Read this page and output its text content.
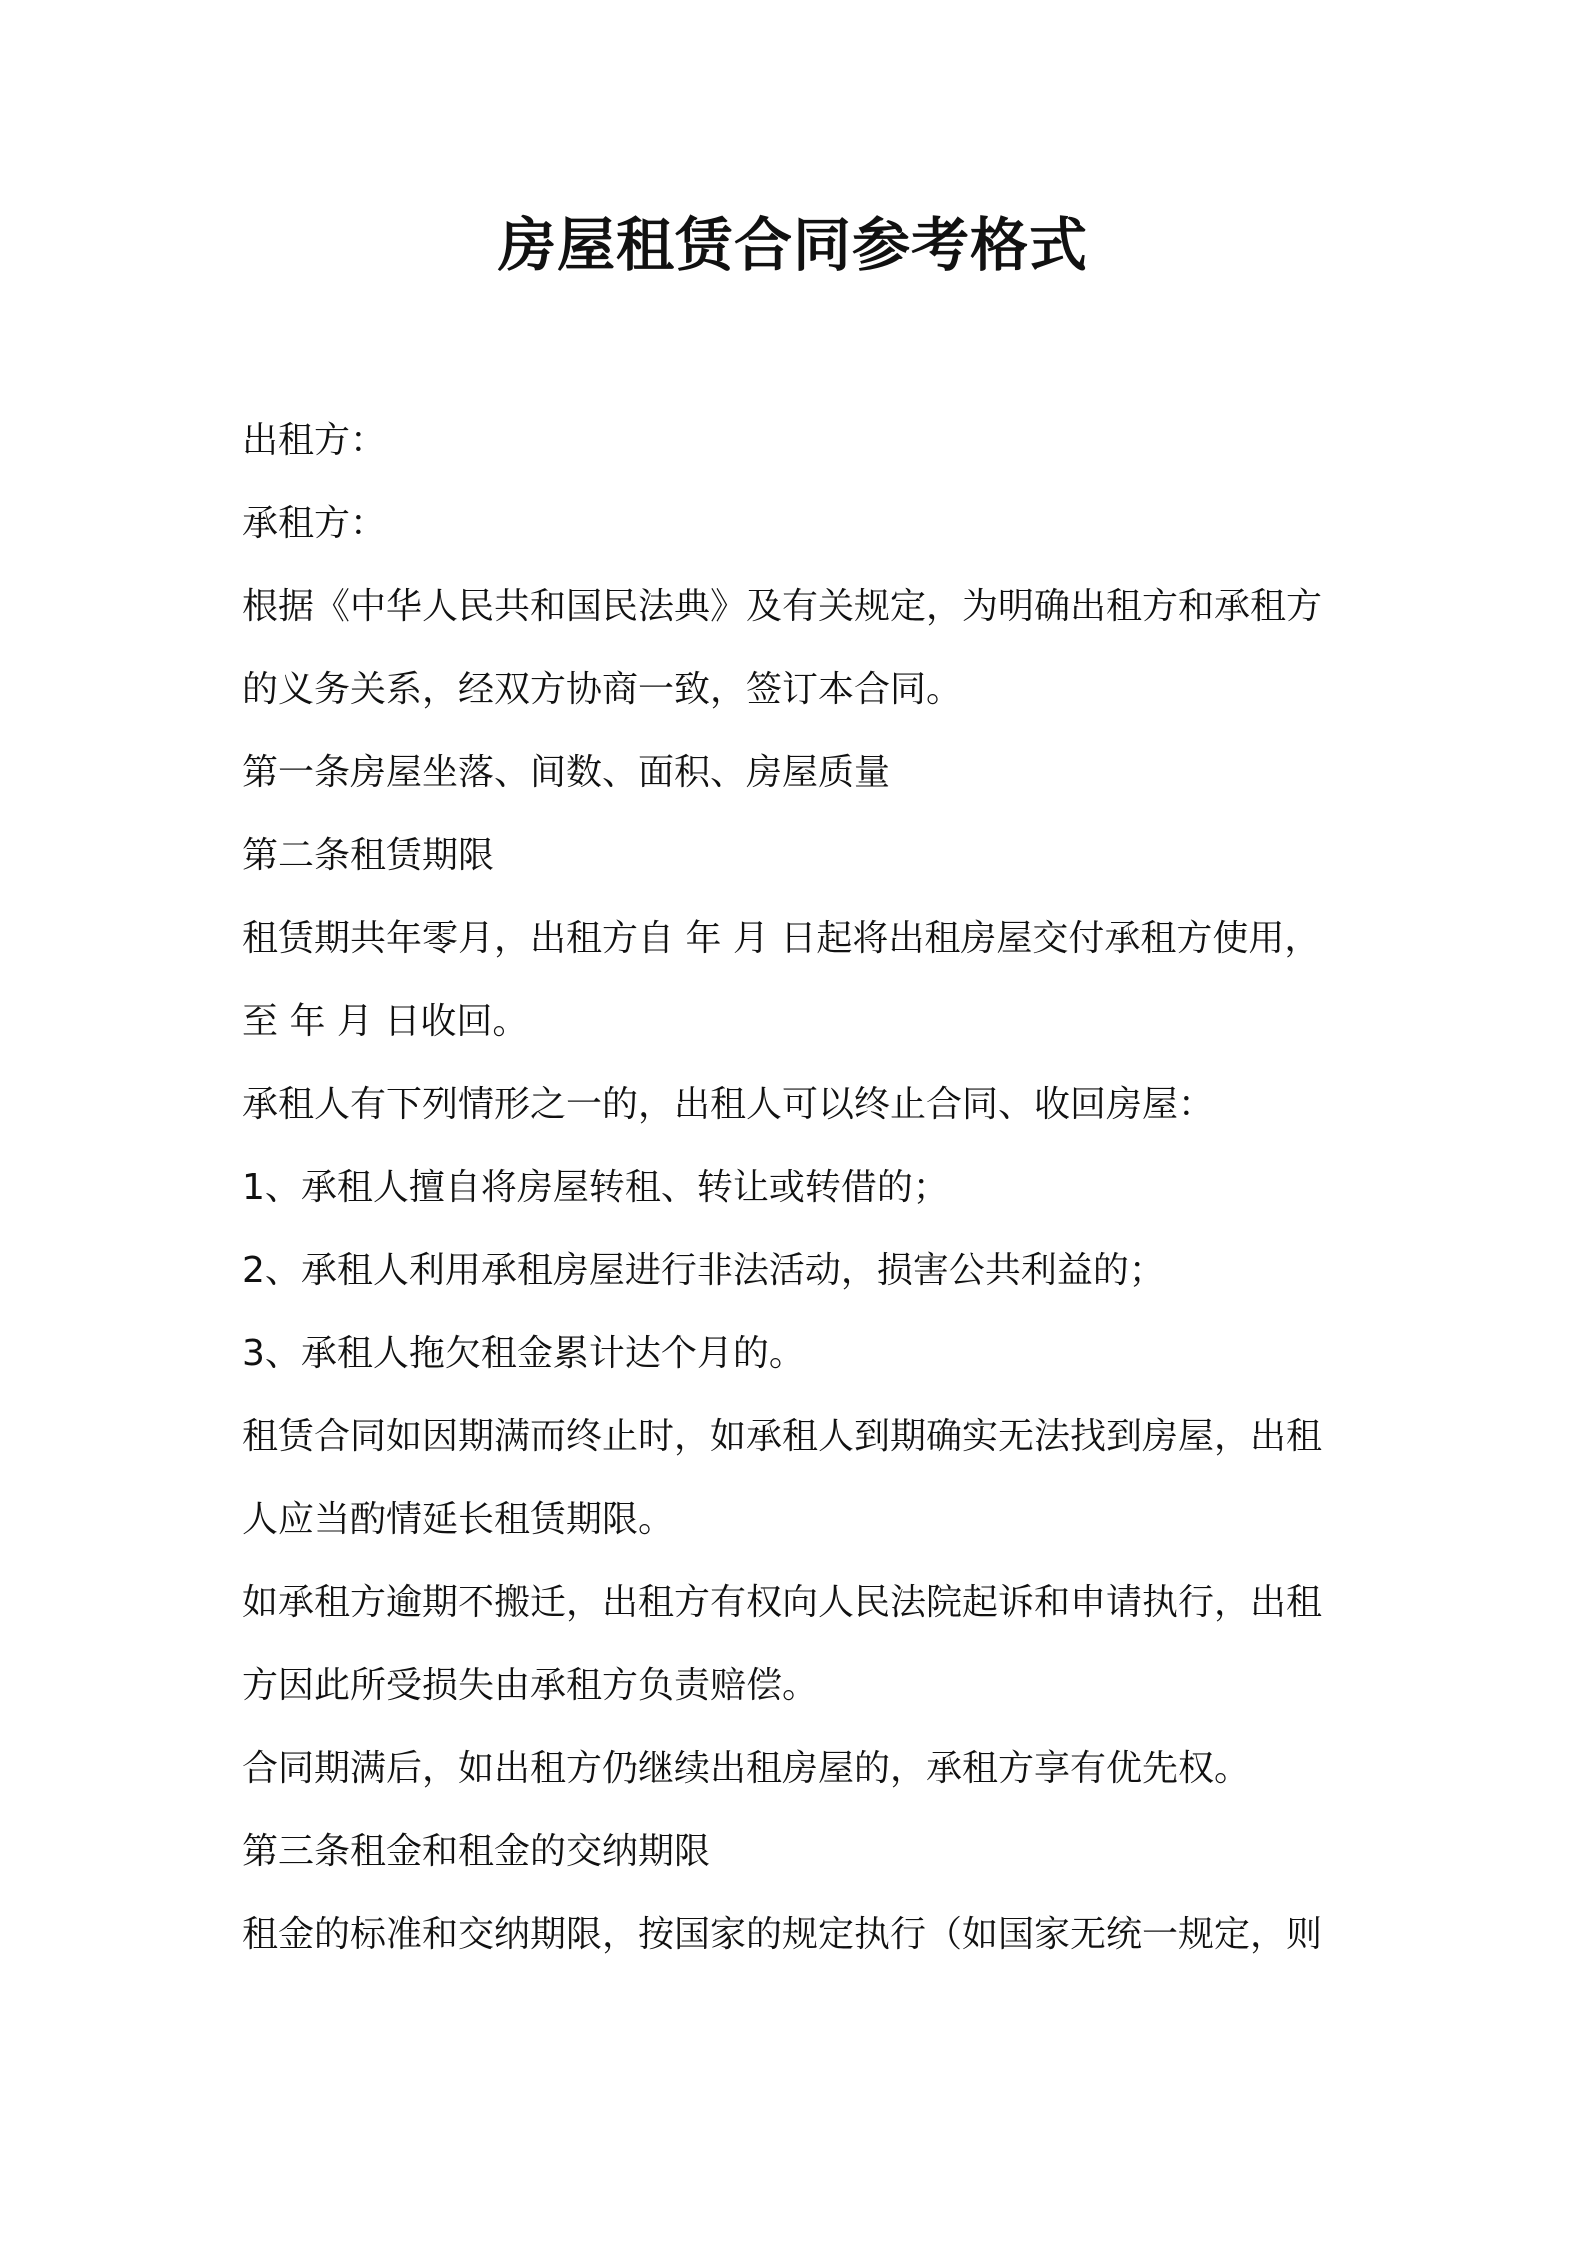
房屋租赁合同参考格式

出租方：

承租方：

根据《中华人民共和国民法典》及有关规定，为明确出租方和承租方

的义务关系，经双方协商一致，签订本合同。

第一条房屋坐落、间数、面积、房屋质量

第二条租赁期限

租赁期共年零月，出租方自 年 月 日起将出租房屋交付承租方使用，

至 年 月 日收回。

承租人有下列情形之一的，出租人可以终止合同、收回房屋：

1、承租人擅自将房屋转租、转让或转借的；

2、承租人利用承租房屋进行非法活动，损害公共利益的；

3、承租人拖欠租金累计达个月的。

租赁合同如因期满而终止时，如承租人到期确实无法找到房屋，出租

人应当酌情延长租赁期限。

如承租方逾期不搬迁，出租方有权向人民法院起诉和申请执行，出租

方因此所受损失由承租方负责赔偿。

合同期满后，如出租方仍继续出租房屋的，承租方享有优先权。

第三条租金和租金的交纳期限

租金的标准和交纳期限，按国家的规定执行（如国家无统一规定，则
